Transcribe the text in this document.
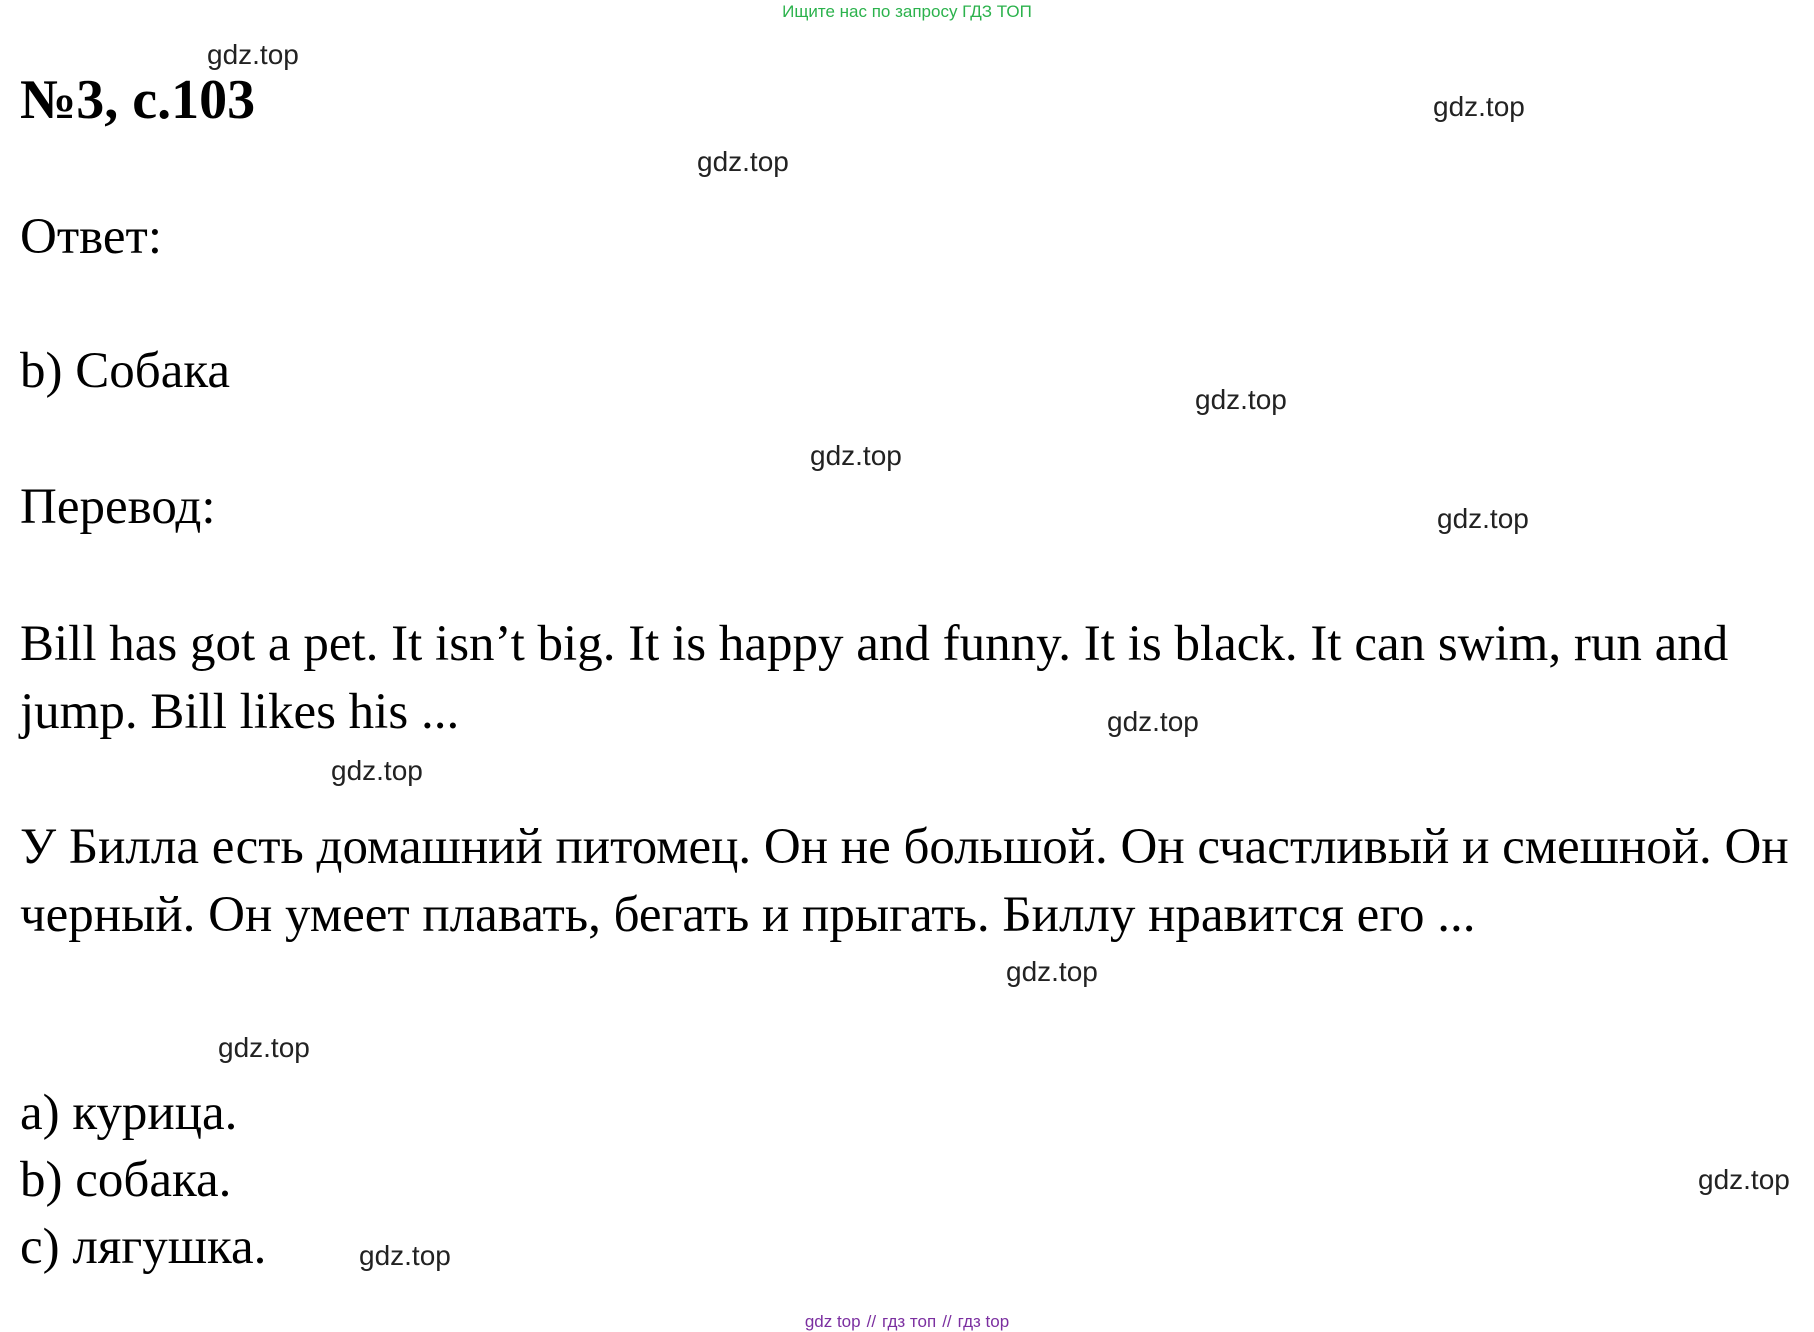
Ищите нас по запросу ГДЗ ТОП
№3, с.103
Ответ:
b) Собака
Перевод:
Bill has got a pet. It isn’t big. It is happy and funny. It is black. It can swim, run and jump. Bill likes his ...
У Билла есть домашний питомец. Он не большой. Он счастливый и смешной. Он черный. Он умеет плавать, бегать и прыгать. Биллу нравится его ...
a) курица.
b) собака.
c) лягушка.
gdz.top
gdz.top
gdz.top
gdz.top
gdz.top
gdz.top
gdz.top
gdz.top
gdz.top
gdz.top
gdz.top
gdz.top
gdz top // гдз топ // гдз top
